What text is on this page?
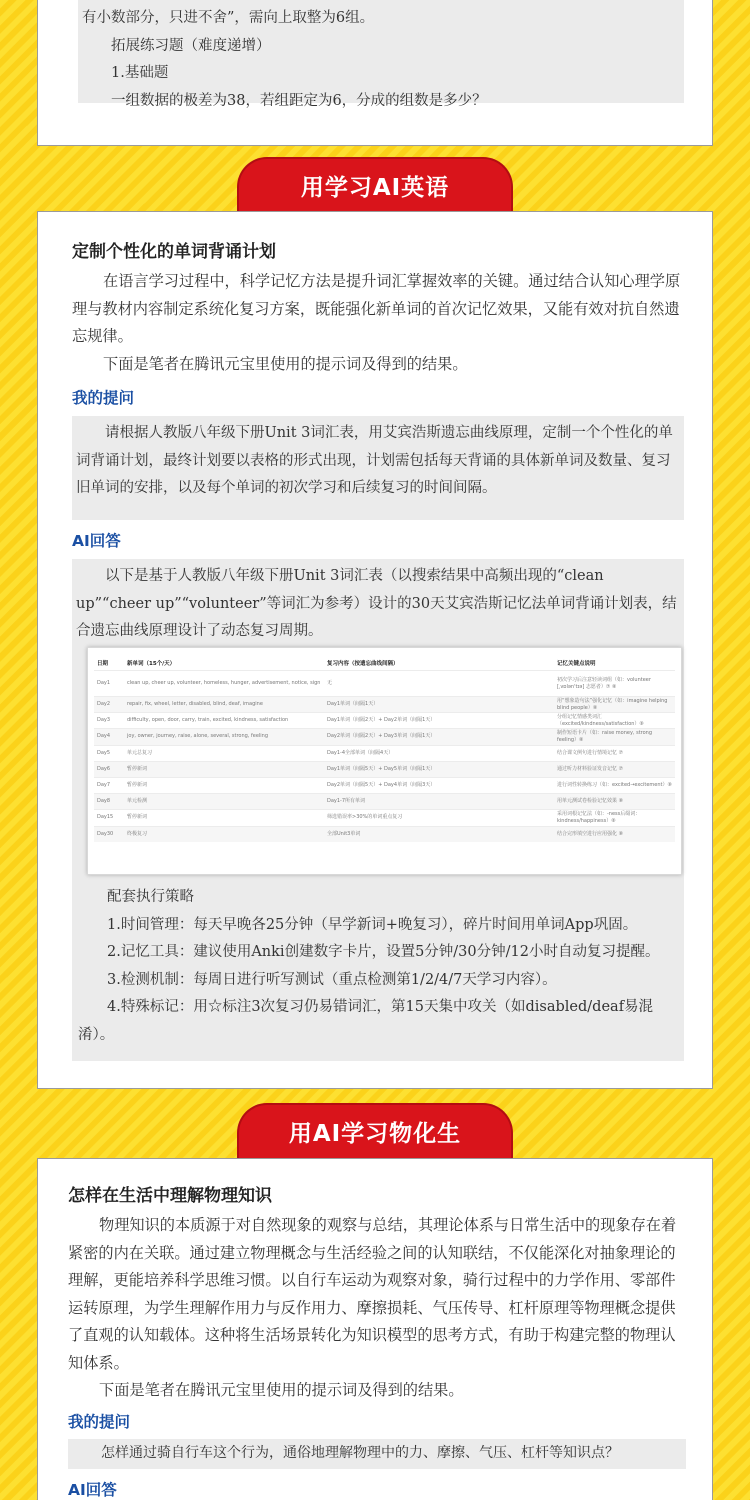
有小数部分，只进不舍”，需向上取整为6组。

拓展练习题（难度递增）

1.基础题

一组数据的极差为38，若组距定为6，分成的组数是多少？

用学习AI英语
定制个性化的单词背诵计划

在语言学习过程中，科学记忆方法是提升词汇掌握效率的关键。通过结合认知心理学原理与教材内容制定系统化复习方案，既能强化新单词的首次记忆效果，又能有效对抗自然遗忘规律。

下面是笔者在腾讯元宝里使用的提示词及得到的结果。

我的提问

请根据人教版八年级下册Unit 3词汇表，用艾宾浩斯遗忘曲线原理，定制一个个性化的单词背诵计划，最终计划要以表格的形式出现，计划需包括每天背诵的具体新单词及数量、复习旧单词的安排，以及每个单词的初次学习和后续复习的时间间隔。

AI回答

以下是基于人教版八年级下册Unit 3词汇表（以搜索结果中高频出现的“clean up”“cheer up”“volunteer”等词汇为参考）设计的30天艾宾浩斯记忆法单词背诵计划表，结合遗忘曲线原理设计了动态复习周期。

日期	新单词（15个/天）	复习内容（按遗忘曲线间隔）	记忆关键点说明
Day1	clean up, cheer up, volunteer, homeless, hunger, advertisement, notice, sign	无	初次学习后注意轻读词组（如：volunteer [ˌvɒlən'tɪə] 志愿者）⑦ ⑧
Day2	repair, fix, wheel, letter, disabled, blind, deaf, imagine	Day1单词（间隔1天）	用“想象造句法”强化记忆（如：imagine helping blind people）⑧
Day3	difficulty, open, door, carry, train, excited, kindness, satisfaction	Day1单词（间隔2天）+ Day2单词（间隔1天）	分组记忆情感类词汇（excited/kindness/satisfaction）⑧
Day4	joy, owner, journey, raise, alone, several, strong, feeling	Day2单词（间隔2天）+ Day3单词（间隔1天）	制作短语卡片（如：raise money, strong feeling）⑧
Day5	单元总复习	Day1-4全部单词（间隔4天）	结合课文例句进行情境记忆 ⑦
Day6	暂停新词	Day1单词（间隔5天）+ Day5单词（间隔1天）	通过听力材料验证发音记忆 ⑦
Day7	暂停新词	Day2单词（间隔5天）+ Day4单词（间隔3天）	进行词性转换练习（如：excited→excitement）⑧
Day8	单元检测	Day1-7所有单词	用单元测试卷检验记忆效果 ⑧
Day15	暂停新词	筛选错误率>30%的单词重点复习	采用词根记忆法（如：-ness后缀词：kindness/happiness）⑧
Day30	终极复习	全部Unit3单词	结合完形填空进行应用强化 ⑧

配套执行策略

1.时间管理：每天早晚各25分钟（早学新词+晚复习），碎片时间用单词App巩固。

2.记忆工具：建议使用Anki创建数字卡片，设置5分钟/30分钟/12小时自动复习提醒。

3.检测机制：每周日进行听写测试（重点检测第1/2/4/7天学习内容）。

4.特殊标记：用☆标注3次复习仍易错词汇，第15天集中攻关（如disabled/deaf易混淆）。

用AI学习物化生
怎样在生活中理解物理知识

物理知识的本质源于对自然现象的观察与总结，其理论体系与日常生活中的现象存在着紧密的内在关联。通过建立物理概念与生活经验之间的认知联结，不仅能深化对抽象理论的理解，更能培养科学思维习惯。以自行车运动为观察对象，骑行过程中的力学作用、零部件运转原理，为学生理解作用力与反作用力、摩擦损耗、气压传导、杠杆原理等物理概念提供了直观的认知载体。这种将生活场景转化为知识模型的思考方式，有助于构建完整的物理认知体系。

下面是笔者在腾讯元宝里使用的提示词及得到的结果。

我的提问

怎样通过骑自行车这个行为，通俗地理解物理中的力、摩擦、气压、杠杆等知识点？

AI回答
